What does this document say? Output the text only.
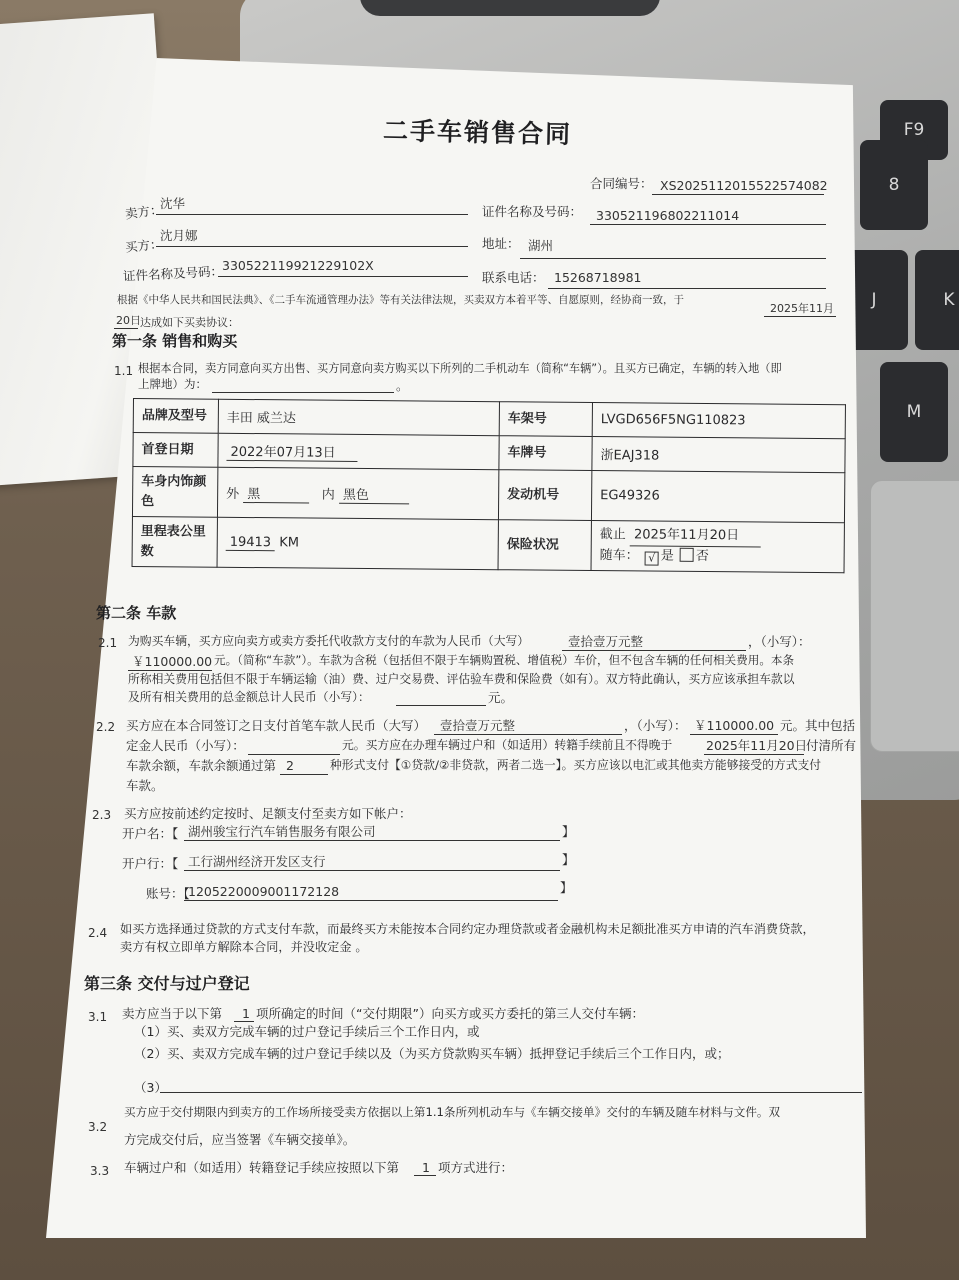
F9
8
J	K
M
二手车销售合同
合同编号： XS2025112015522574082
卖方：
沈华
证件名称及号码： 330521196802211014
买方：
沈月娜
地址： 湖州
证件名称及号码：
33052211992122910​2X
联系电话： 15268718981
根据《中华人民共和国民法典》、《二手车流通管理办法》等有关法律法规，买卖双方本着平等、自愿原则，经协商一致，于
2025年11月
20日 达成如下买卖协议：
第一条 销售和购买
1.1 根据本合同，卖方同意向买方出售、买方同意向卖方购买以下所列的二手机动车（简称“车辆”）。且买方已确定，车辆的转入地（即
上牌地）为：	。
品牌及型号	丰田 威兰达	车架号	LVGD656F5NG110823
首登日期	2022年07月13日	车牌号	浙EAJ318
车身内饰颜色	外 黑 内 黑色	发动机号	EG49326
里程表公里数	19413 KM	保险状况	截止 2025年11月20日
随车： √ 是 否
第二条 车款
2.1 为购买车辆，买方应向卖方或卖方委托代收款方支付的车款为人民币（大写）	壹拾壹万元整	，（小写）：
￥110000.00 元。（简称“车款”）。车款为含税（包括但不限于车辆购置税、增值税）车价，但不包含车辆的任何相关费用。本条
所称相关费用包括但不限于车辆运输（油）费、过户交易费、评估验车费和保险费（如有）。双方特此确认，买方应该承担车款以
及所有相关费用的总金额总计人民币（小写）：	元。
2.2 买方应在本合同签订之日支付首笔车款人民币（大写） 壹拾壹万元整	，（小写）： ￥110000.00 元。其中包括
定金人民币（小写）：	元。买方应在办理车辆过户和（如适用）转籍手续前且不得晚于	2025年11月20日
付清所有
车款余额，车款余额通过第 2	种形式支付【①贷款/②非贷款，两者二选一】。买方应该以电汇或其他卖方能够接受的方式支付
车款。
2.3 买方应按前述约定按时、足额支付至卖方如下帐户：
开户名：【 湖州骏宝行汽车销售服务有限公司	】
开户行：【 工行湖州经济开发区支行	】
账号：【
1205220009001172128	】
2.4 如买方选择通过贷款的方式支付车款，而最终买方未能按本合同约定办理贷款或者金融机构未足额批准买方申请的汽车消费贷款，
卖方有权立即单方解除本合同，并没收定金 。
第三条 交付与过户登记
3.1 卖方应当于以下第 1 项所确定的时间（“交付期限”）向买方或买方委托的第三人交付车辆：
（1）买、卖双方完成车辆的过户登记手续后三个工作日内，或
（2）买、卖双方完成车辆的过户登记手续以及（为买方贷款购买车辆）抵押登记手续后三个工作日内，或；
（3）
3.2
买方应于交付期限内到卖方的工作场所接受卖方依据以上第1.1条所列机动车与《车辆交接单》交付的车辆及随车材料与文件。双
方完成交付后，应当签署《车辆交接单》。
3.3 车辆过户和（如适用）转籍登记手续应按照以下第 1 项方式进行：
